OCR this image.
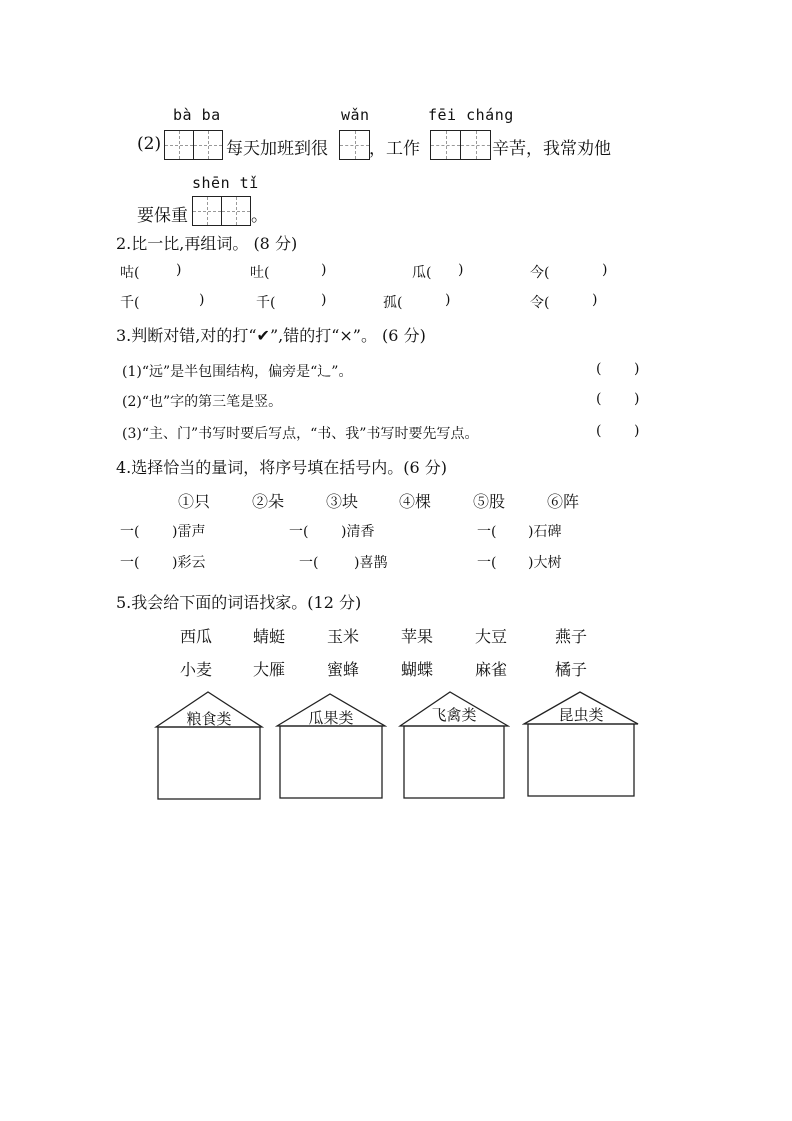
bà ba	wǎn	fēi cháng
(2)	每天加班到很 ，工作	辛苦，我常劝他
shēn tǐ
要保重	。
2.比一比,再组词。 (8 分)
咕(	)	吐(	)	瓜( )	今(	)
千(	)	千(	)	孤(	)	令(	)
3.判断对错,对的打“✔”,错的打“×”。 (6 分)
(1)“远”是半包围结构，偏旁是“辶”。	( )
(2)“也”字的第三笔是竖。	( )
(3)“主、门”书写时要后写点，“书、我”书写时要先写点。	( )
4.选择恰当的量词，将序号填在括号内。(6 分)
①只	②朵	③块	④棵	⑤股	⑥阵
一( )雷声	一( )清香	一( )石碑
一( )彩云	一(	)喜鹊	一( )大树
5.我会给下面的词语找家。(12 分)
西瓜	蜻蜓	玉米	苹果	大豆	燕子
小麦	大雁	蜜蜂	蝴蝶	麻雀	橘子
粮食类	瓜果类	飞禽类	昆虫类
